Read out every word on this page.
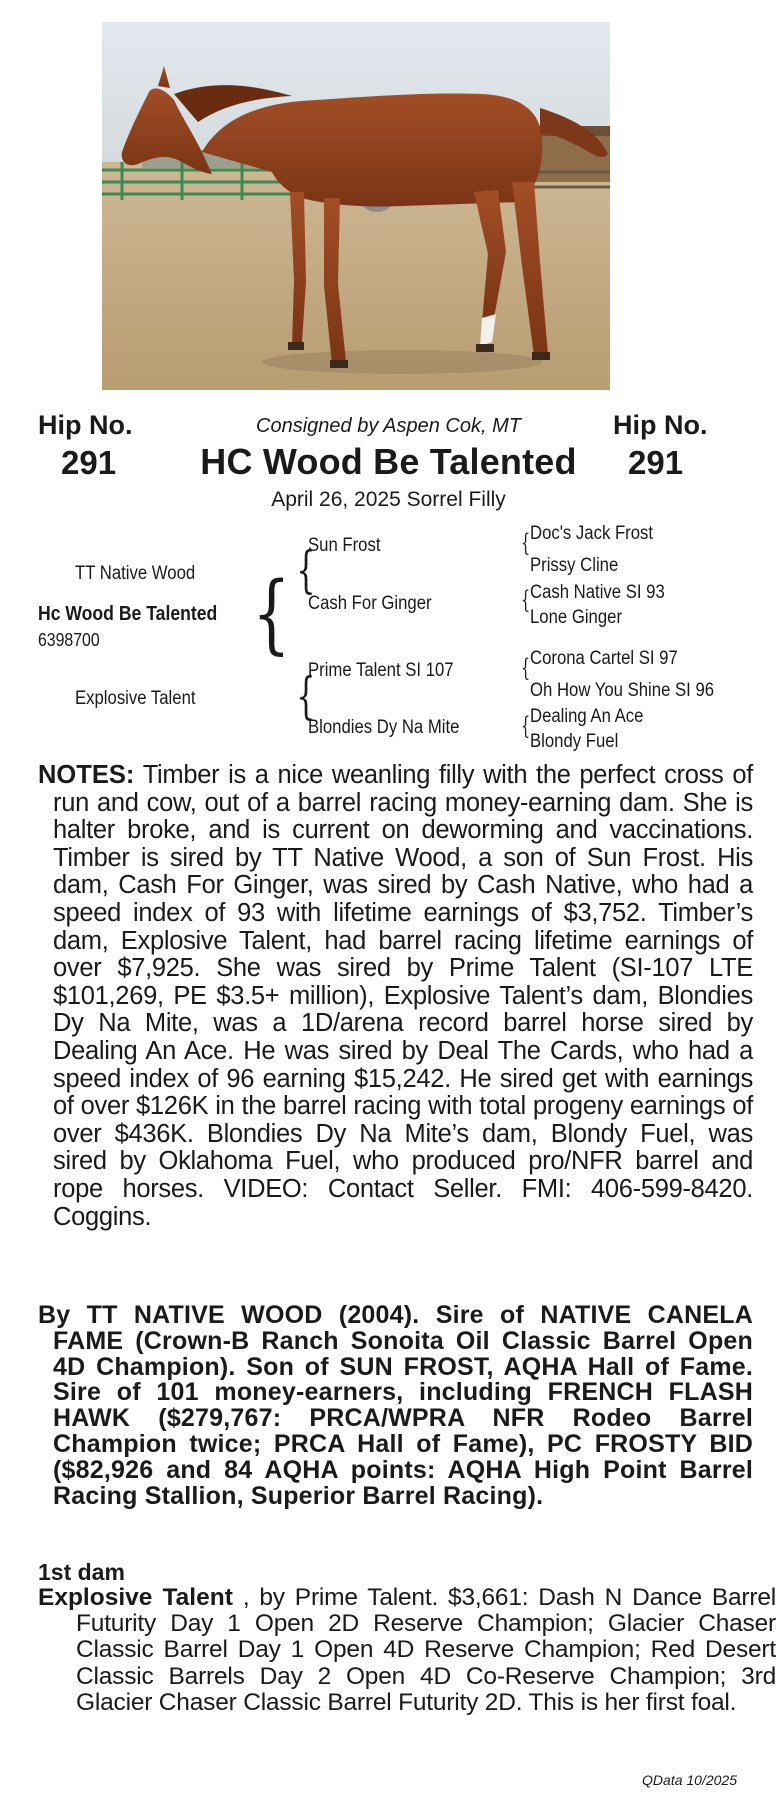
Hip No.	Hip No.
Consigned by Aspen Cok, MT
291	291
HC Wood Be Talented
April 26, 2025 Sorrel Filly
TT Native Wood
Hc Wood Be Talented
6398700
Explosive Talent
{ {
{
Sun Frost
Cash For Ginger
Prime Talent SI 107
Blondies Dy Na Mite
{
{
{
{
Doc's Jack Frost
Prissy Cline
Cash Native SI 93
Lone Ginger
Corona Cartel SI 97
Oh How You Shine SI 96
Dealing An Ace
Blondy Fuel
NOTES: Timber is a nice weanling filly with the perfect cross of run and cow, out of a barrel racing money-earning dam. She is halter broke, and is current on deworming and vaccinations. Timber is sired by TT Native Wood, a son of Sun Frost. His dam, Cash For Ginger, was sired by Cash Native, who had a speed index of 93 with lifetime earnings of $3,752. Timber’s dam, Explosive Talent, had barrel racing lifetime earnings of over $7,925. She was sired by Prime Talent (SI-107 LTE $101,269, PE $3.5+ million), Explosive Talent’s dam, Blondies Dy Na Mite, was a 1D/arena record barrel horse sired by Dealing An Ace. He was sired by Deal The Cards, who had a speed index of 96 earning $15,242. He sired get with earnings of over $126K in the barrel racing with total progeny earnings of over $436K. Blondies Dy Na Mite’s dam, Blondy Fuel, was sired by Oklahoma Fuel, who produced pro/NFR barrel and rope horses. VIDEO: Contact Seller. FMI: 406-599-8420. Coggins.
By TT NATIVE WOOD (2004). Sire of NATIVE CANELA FAME (Crown-B Ranch Sonoita Oil Classic Barrel Open 4D Champion). Son of SUN FROST, AQHA Hall of Fame. Sire of 101 money-earners, including FRENCH FLASH HAWK ($279,767: PRCA/WPRA NFR Rodeo Barrel Champion twice; PRCA Hall of Fame), PC FROSTY BID ($82,926 and 84 AQHA points: AQHA High Point Barrel Racing Stallion, Superior Barrel Racing).
1st dam
Explosive Talent , by Prime Talent. $3,661: Dash N Dance Barrel Futurity Day 1 Open 2D Reserve Champion; Glacier Chaser Classic Barrel Day 1 Open 4D Reserve Champion; Red Desert Classic Barrels Day 2 Open 4D Co-Reserve Champion; 3rd Glacier Chaser Classic Barrel Futurity 2D. This is her first foal.
QData 10/2025
